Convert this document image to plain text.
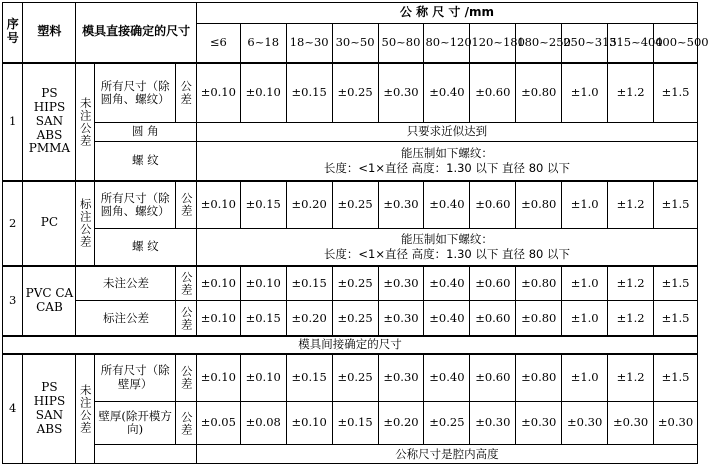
序号	塑料	模具直接确定的尺寸			公 称 尺 寸 /mm										
					≤6	6~18	18~30	30~50	50~80	80~120	120~180	180~250	250~315	315~400	400~500
1	PS HIPS SAN ABS PMMA	未注公差	所有尺寸（除圆角、螺纹）	公差	±0.10	±0.10	±0.15	±0.25	±0.30	±0.40	±0.60	±0.80	±1.0	±1.2	±1.5
			圆 角		只要求近似达到										
			螺 纹		能压制如下螺纹：
长度：<1×直径 高度：1.30 以下 直径 80 以下										

2	PC	标注公差	所有尺寸（除圆角、螺纹）	公差	±0.10	±0.15	±0.20	±0.25	±0.30	±0.40	±0.60	±0.80	±1.0	±1.2	±1.5
			螺 纹		能压制如下螺纹：
长度：<1×直径 高度：1.30 以下 直径 80 以下										

3	PVC CA CAB	未注公差		公差	±0.10	±0.10	±0.15	±0.25	±0.30	±0.40	±0.60	±0.80	±1.0	±1.2	±1.5
		标注公差		公差	±0.10	±0.15	±0.20	±0.25	±0.30	±0.40	±0.60	±0.80	±1.0	±1.2	±1.5
模具间接确定的尺寸															
4	PS HIPS SAN ABS	未注公差	所有尺寸（除壁厚）	公差	±0.10	±0.10	±0.15	±0.25	±0.30	±0.40	±0.60	±0.80	±1.0	±1.2	±1.5
			壁厚(除开模方向)	公差	±0.05	±0.08	±0.10	±0.15	±0.20	±0.25	±0.30	±0.30	±0.30	±0.30	±0.30
					公称尺寸是腔内高度										
